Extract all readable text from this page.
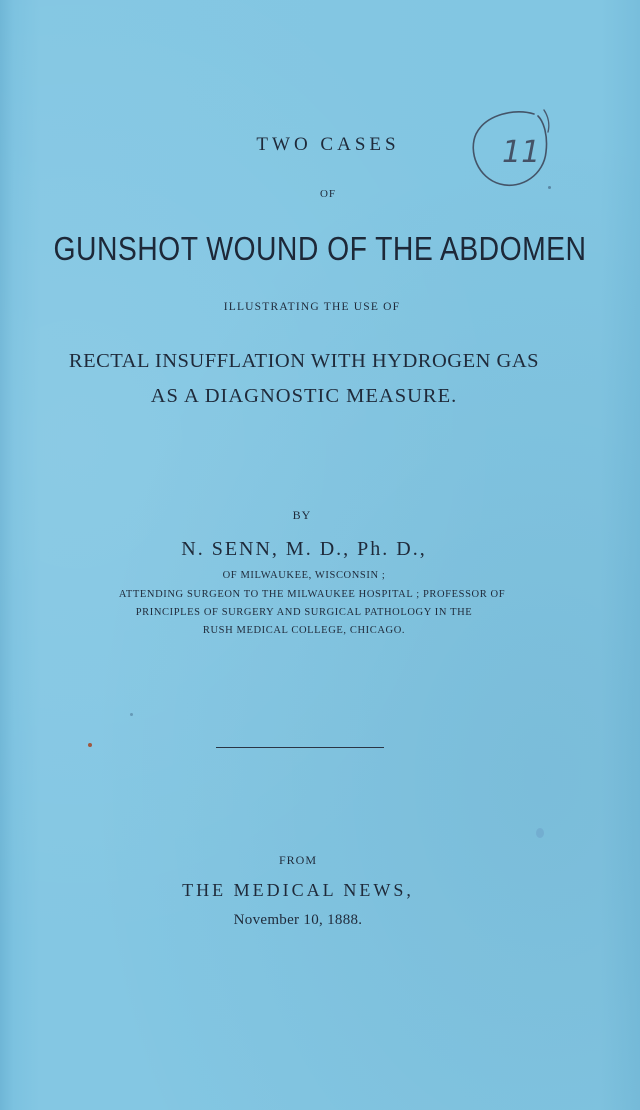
11
TWO CASES
OF
GUNSHOT WOUND OF THE ABDOMEN
ILLUSTRATING THE USE OF
RECTAL INSUFFLATION WITH HYDROGEN GAS
AS A DIAGNOSTIC MEASURE.
BY
N. SENN, M. D., Ph. D.,
OF MILWAUKEE, WISCONSIN ;
ATTENDING SURGEON TO THE MILWAUKEE HOSPITAL ; PROFESSOR OF
PRINCIPLES OF SURGERY AND SURGICAL PATHOLOGY IN THE
RUSH MEDICAL COLLEGE, CHICAGO.
FROM
THE MEDICAL NEWS,
November 10, 1888.
